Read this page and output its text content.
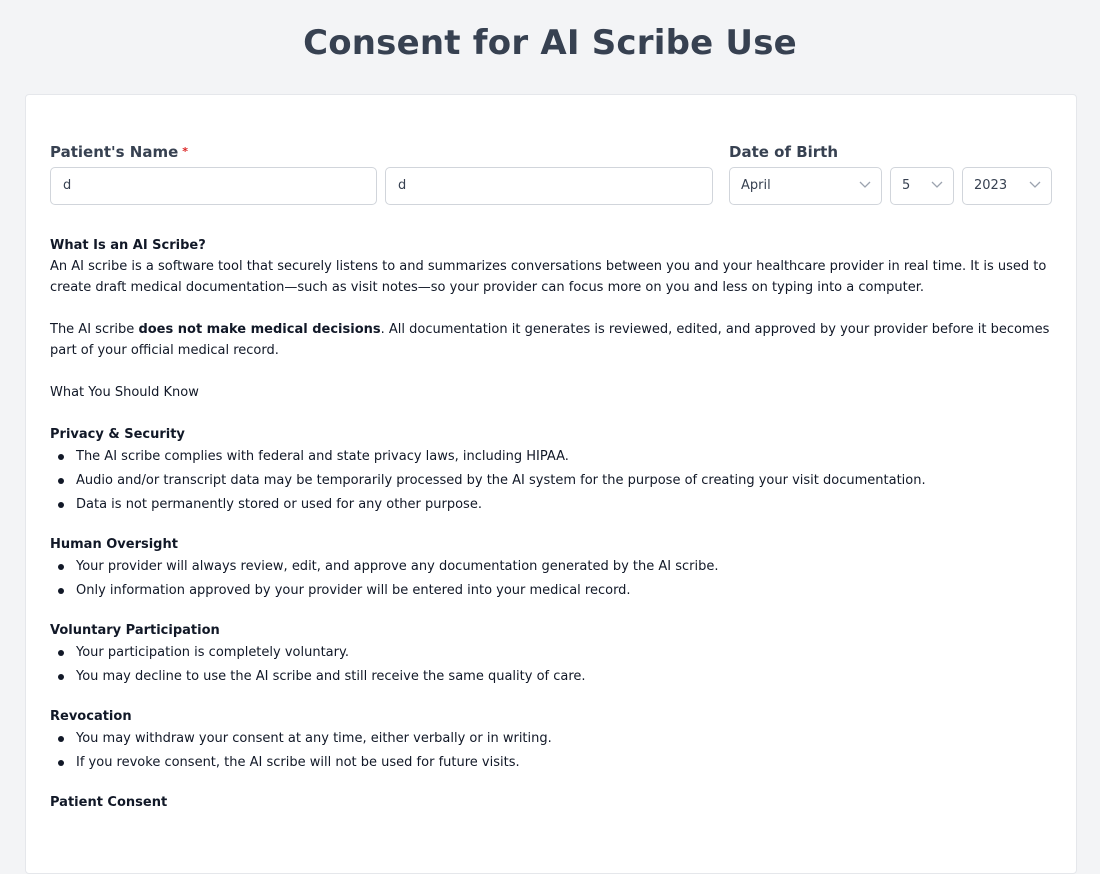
Consent for AI Scribe Use
Patient's Name *
d	d
Date of Birth
April	5	2023
What Is an AI Scribe?

An AI scribe is a software tool that securely listens to and summarizes conversations between you and your healthcare provider in real time. It is used to create draft medical documentation—such as visit notes—so your provider can focus more on you and less on typing into a computer.

The AI scribe does not make medical decisions. All documentation it generates is reviewed, edited, and approved by your provider before it becomes part of your official medical record.

What You Should Know
Privacy & Security
The AI scribe complies with federal and state privacy laws, including HIPAA.
Audio and/or transcript data may be temporarily processed by the AI system for the purpose of creating your visit documentation.
Data is not permanently stored or used for any other purpose.
Human Oversight
Your provider will always review, edit, and approve any documentation generated by the AI scribe.
Only information approved by your provider will be entered into your medical record.
Voluntary Participation
Your participation is completely voluntary.
You may decline to use the AI scribe and still receive the same quality of care.
Revocation
You may withdraw your consent at any time, either verbally or in writing.
If you revoke consent, the AI scribe will not be used for future visits.
Patient Consent
